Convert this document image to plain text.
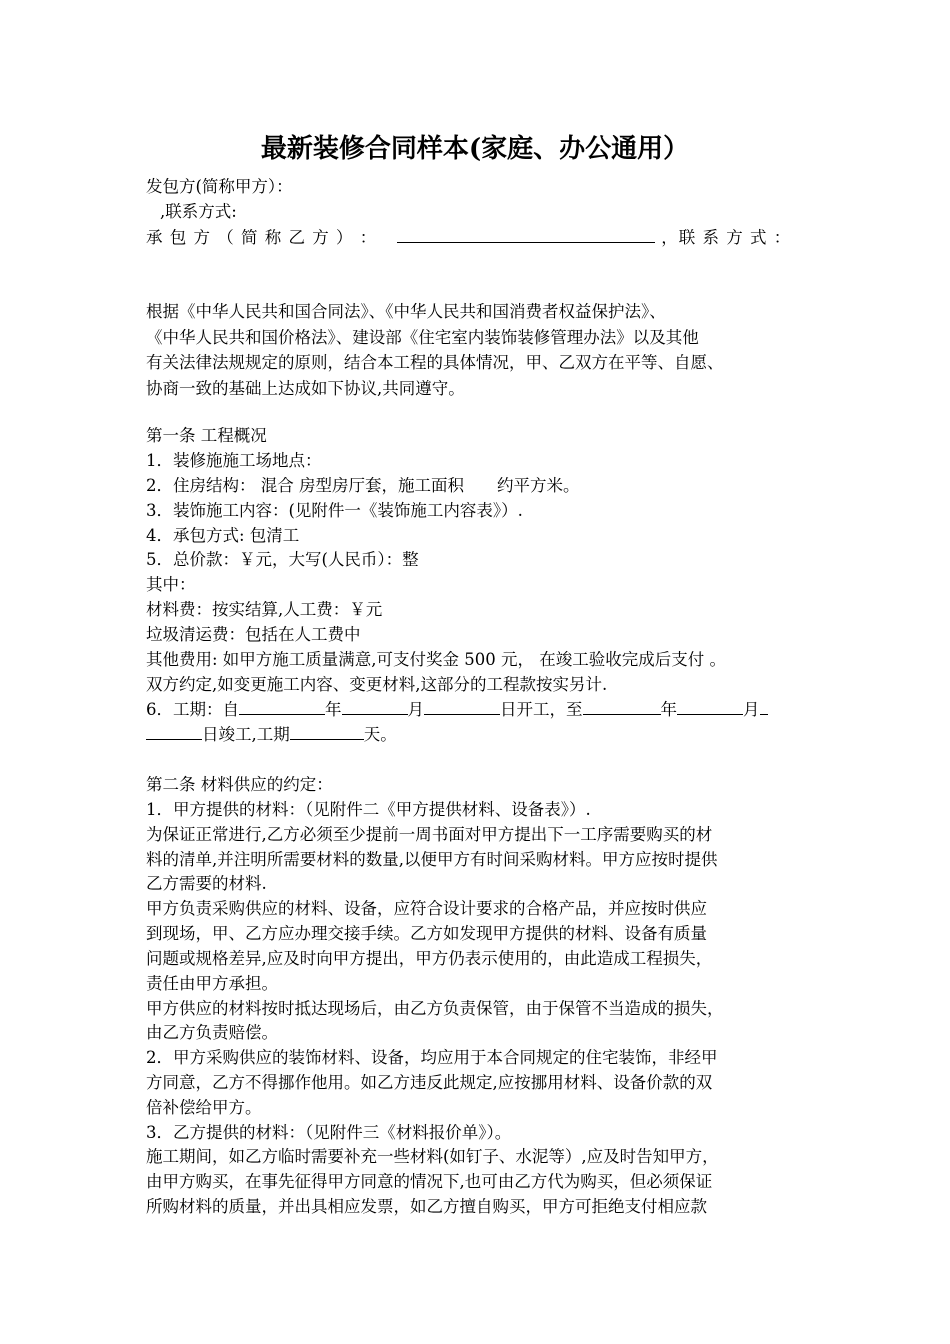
最新装修合同样本(家庭、办公通用）
发包方(简称甲方）：
,联系方式:
承 包 方 （ 简 称 乙 方 ） ：	，联 系 方 式 ：
根据《中华人民共和国合同法》、《中华人民共和国消费者权益保护法》、
《中华人民共和国价格法》、建设部《住宅室内装饰装修管理办法》以及其他
有关法律法规规定的原则，结合本工程的具体情况，甲、乙双方在平等、自愿、
协商一致的基础上达成如下协议,共同遵守。
第一条 工程概况
1．装修施施工场地点：
2．住房结构： 混合 房型房厅套，施工面积　　约平方米。
3．装饰施工内容：(见附件一《装饰施工内容表》）.
4．承包方式: 包清工
5．总价款：￥元，大写(人民币）：整
其中：
材料费：按实结算,人工费：￥元
垃圾清运费：包括在人工费中
其他费用: 如甲方施工质量满意,可支付奖金 500 元， 在竣工验收完成后支付 。
双方约定,如变更施工内容、变更材料,这部分的工程款按实另计.
6．工期：自	年	月	日开工，至	年	月
日竣工,工期	天。
第二条 材料供应的约定：
1．甲方提供的材料：（见附件二《甲方提供材料、设备表》）.
为保证正常进行,乙方必须至少提前一周书面对甲方提出下一工序需要购买的材
料的清单,并注明所需要材料的数量,以便甲方有时间采购材料。甲方应按时提供
乙方需要的材料.
甲方负责采购供应的材料、设备，应符合设计要求的合格产品，并应按时供应
到现场，甲、乙方应办理交接手续。乙方如发现甲方提供的材料、设备有质量
问题或规格差异,应及时向甲方提出，甲方仍表示使用的，由此造成工程损失，
责任由甲方承担。
甲方供应的材料按时抵达现场后，由乙方负责保管，由于保管不当造成的损失，
由乙方负责赔偿。
2．甲方采购供应的装饰材料、设备，均应用于本合同规定的住宅装饰，非经甲
方同意，乙方不得挪作他用。如乙方违反此规定,应按挪用材料、设备价款的双
倍补偿给甲方。
3．乙方提供的材料：（见附件三《材料报价单》）。
施工期间，如乙方临时需要补充一些材料(如钉子、水泥等）,应及时告知甲方，
由甲方购买，在事先征得甲方同意的情况下,也可由乙方代为购买，但必须保证
所购材料的质量，并出具相应发票，如乙方擅自购买，甲方可拒绝支付相应款
